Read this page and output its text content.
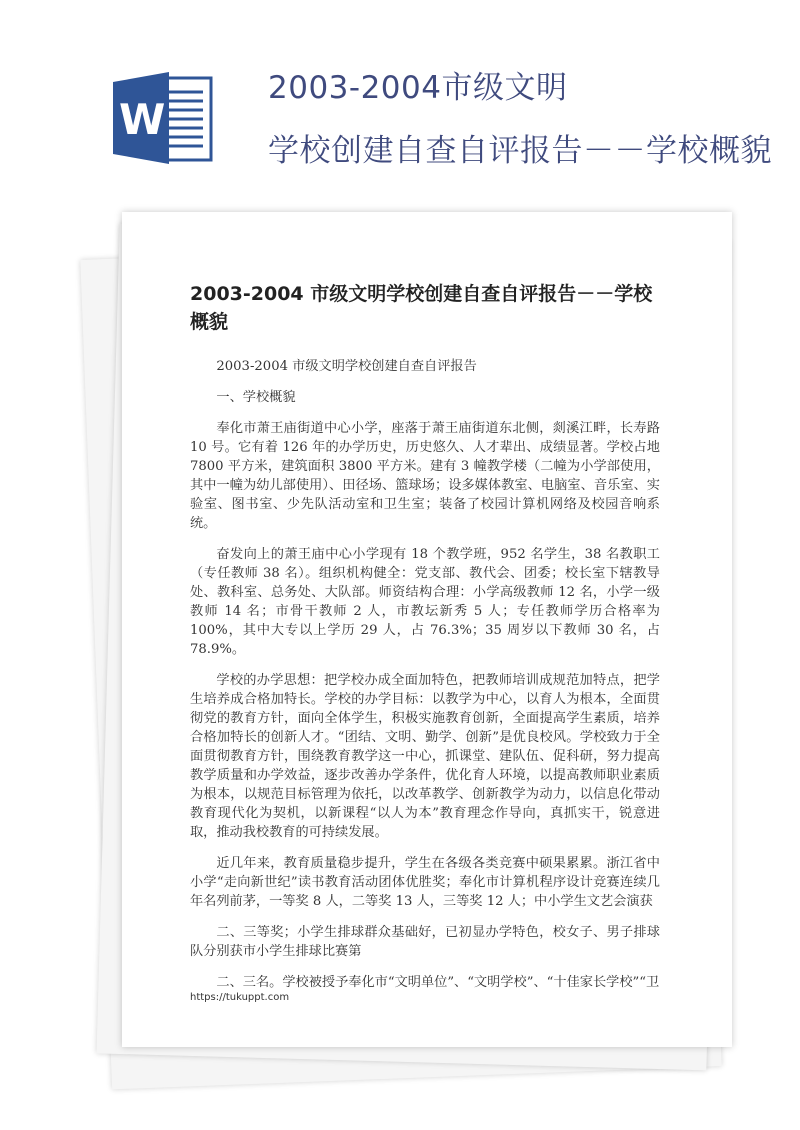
W
2003-2004市级文明
学校创建自查自评报告－－学校概貌
2003-2004 市级文明学校创建自查自评报告－－学校概貌

2003-2004 市级文明学校创建自查自评报告

一、学校概貌

奉化市萧王庙街道中心小学，座落于萧王庙街道东北侧，剡溪江畔，长寿路 10 号。它有着 126 年的办学历史，历史悠久、人才辈出、成绩显著。学校占地 7800 平方米，建筑面积 3800 平方米。建有 3 幢教学楼（二幢为小学部使用，其中一幢为幼儿部使用）、田径场、篮球场；设多媒体教室、电脑室、音乐室、实验室、图书室、少先队活动室和卫生室；装备了校园计算机网络及校园音响系统。

奋发向上的萧王庙中心小学现有 18 个教学班，952 名学生，38 名教职工（专任教师 38 名）。组织机构健全：党支部、教代会、团委；校长室下辖教导处、教科室、总务处、大队部。师资结构合理：小学高级教师 12 名，小学一级教师 14 名；市骨干教师 2 人，市教坛新秀 5 人；专任教师学历合格率为 100%，其中大专以上学历 29 人，占 76.3%；35 周岁以下教师 30 名，占 78.9%。

学校的办学思想：把学校办成全面加特色，把教师培训成规范加特点，把学生培养成合格加特长。学校的办学目标：以教学为中心，以育人为根本，全面贯彻党的教育方针，面向全体学生，积极实施教育创新，全面提高学生素质，培养合格加特长的创新人才。“团结、文明、勤学、创新”是优良校风。学校致力于全面贯彻教育方针，围绕教育教学这一中心，抓课堂、建队伍、促科研，努力提高教学质量和办学效益，逐步改善办学条件，优化育人环境，以提高教师职业素质为根本，以规范目标管理为依托，以改革教学、创新教学为动力，以信息化带动教育现代化为契机，以新课程“以人为本”教育理念作导向，真抓实干，锐意进取，推动我校教育的可持续发展。

近几年来，教育质量稳步提升，学生在各级各类竞赛中硕果累累。浙江省中小学“走向新世纪”读书教育活动团体优胜奖；奉化市计算机程序设计竞赛连续几年名列前茅，一等奖 8 人，二等奖 13 人，三等奖 12 人；中小学生文艺会演获

二、三等奖；小学生排球群众基础好，已初显办学特色，校女子、男子排球队分别获市小学生排球比赛第

二、三名。学校被授予奉化市“文明单位”、“文明学校”、“十佳家长学校”“卫

https://tukuppt.com
